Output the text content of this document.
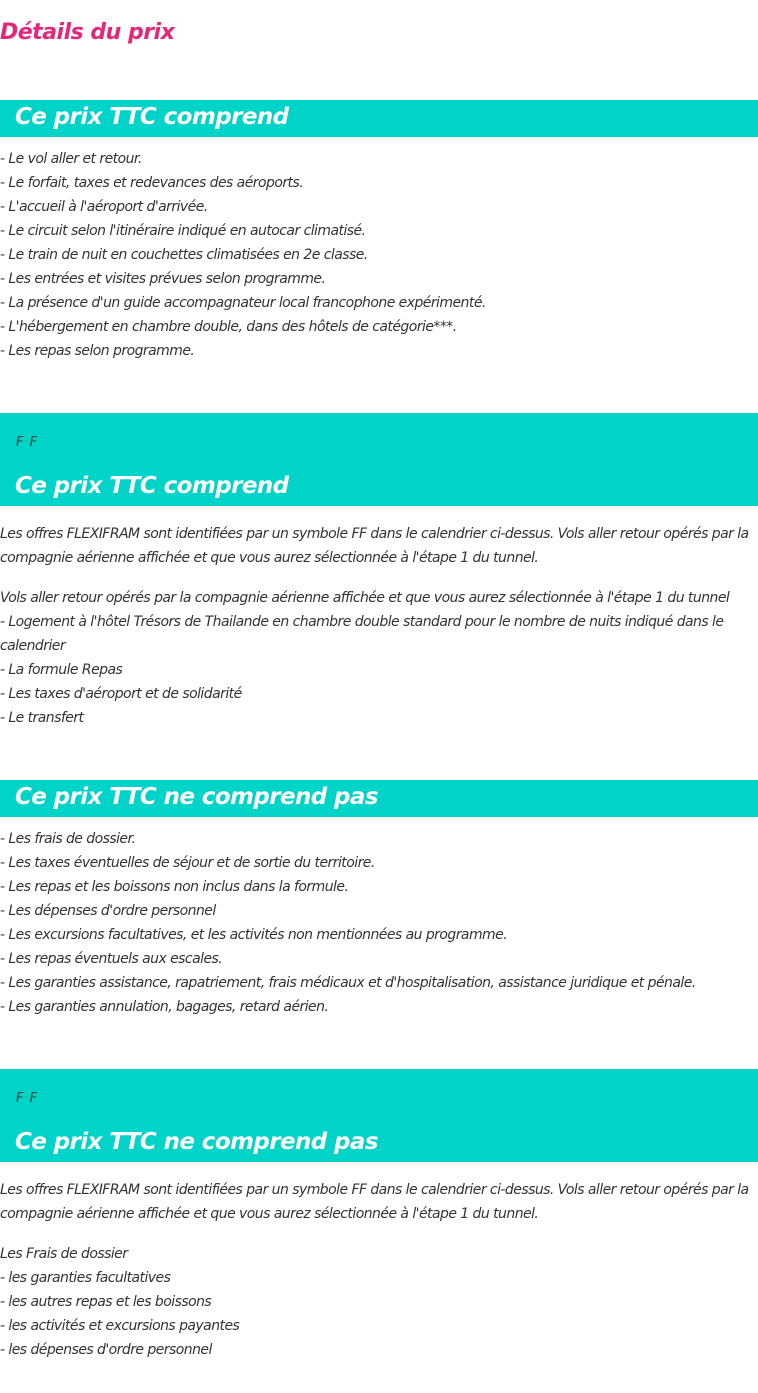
Détails du prix
Ce prix TTC comprend
- Le vol aller et retour.
- Le forfait, taxes et redevances des aéroports.
- L'accueil à l'aéroport d'arrivée.
- Le circuit selon l'itinéraire indiqué en autocar climatisé.
- Le train de nuit en couchettes climatisées en 2e classe.
- Les entrées et visites prévues selon programme.
- La présence d'un guide accompagnateur local francophone expérimenté.
- L'hébergement en chambre double, dans des hôtels de catégorie***.
- Les repas selon programme.
F F
Ce prix TTC comprend
Les offres FLEXIFRAM sont identifiées par un symbole FF dans le calendrier ci-dessus. Vols aller retour opérés par la
compagnie aérienne affichée et que vous aurez sélectionnée à l'étape 1 du tunnel.
Vols aller retour opérés par la compagnie aérienne affichée et que vous aurez sélectionnée à l'étape 1 du tunnel
- Logement à l'hôtel Trésors de Thailande en chambre double standard pour le nombre de nuits indiqué dans le
calendrier
- La formule Repas
- Les taxes d'aéroport et de solidarité
- Le transfert
Ce prix TTC ne comprend pas
- Les frais de dossier.
- Les taxes éventuelles de séjour et de sortie du territoire.
- Les repas et les boissons non inclus dans la formule.
- Les dépenses d'ordre personnel
- Les excursions facultatives, et les activités non mentionnées au programme.
- Les repas éventuels aux escales.
- Les garanties assistance, rapatriement, frais médicaux et d'hospitalisation, assistance juridique et pénale.
- Les garanties annulation, bagages, retard aérien.
F F
Ce prix TTC ne comprend pas
Les offres FLEXIFRAM sont identifiées par un symbole FF dans le calendrier ci-dessus. Vols aller retour opérés par la
compagnie aérienne affichée et que vous aurez sélectionnée à l'étape 1 du tunnel.
Les Frais de dossier
- les garanties facultatives
- les autres repas et les boissons
- les activités et excursions payantes
- les dépenses d'ordre personnel
